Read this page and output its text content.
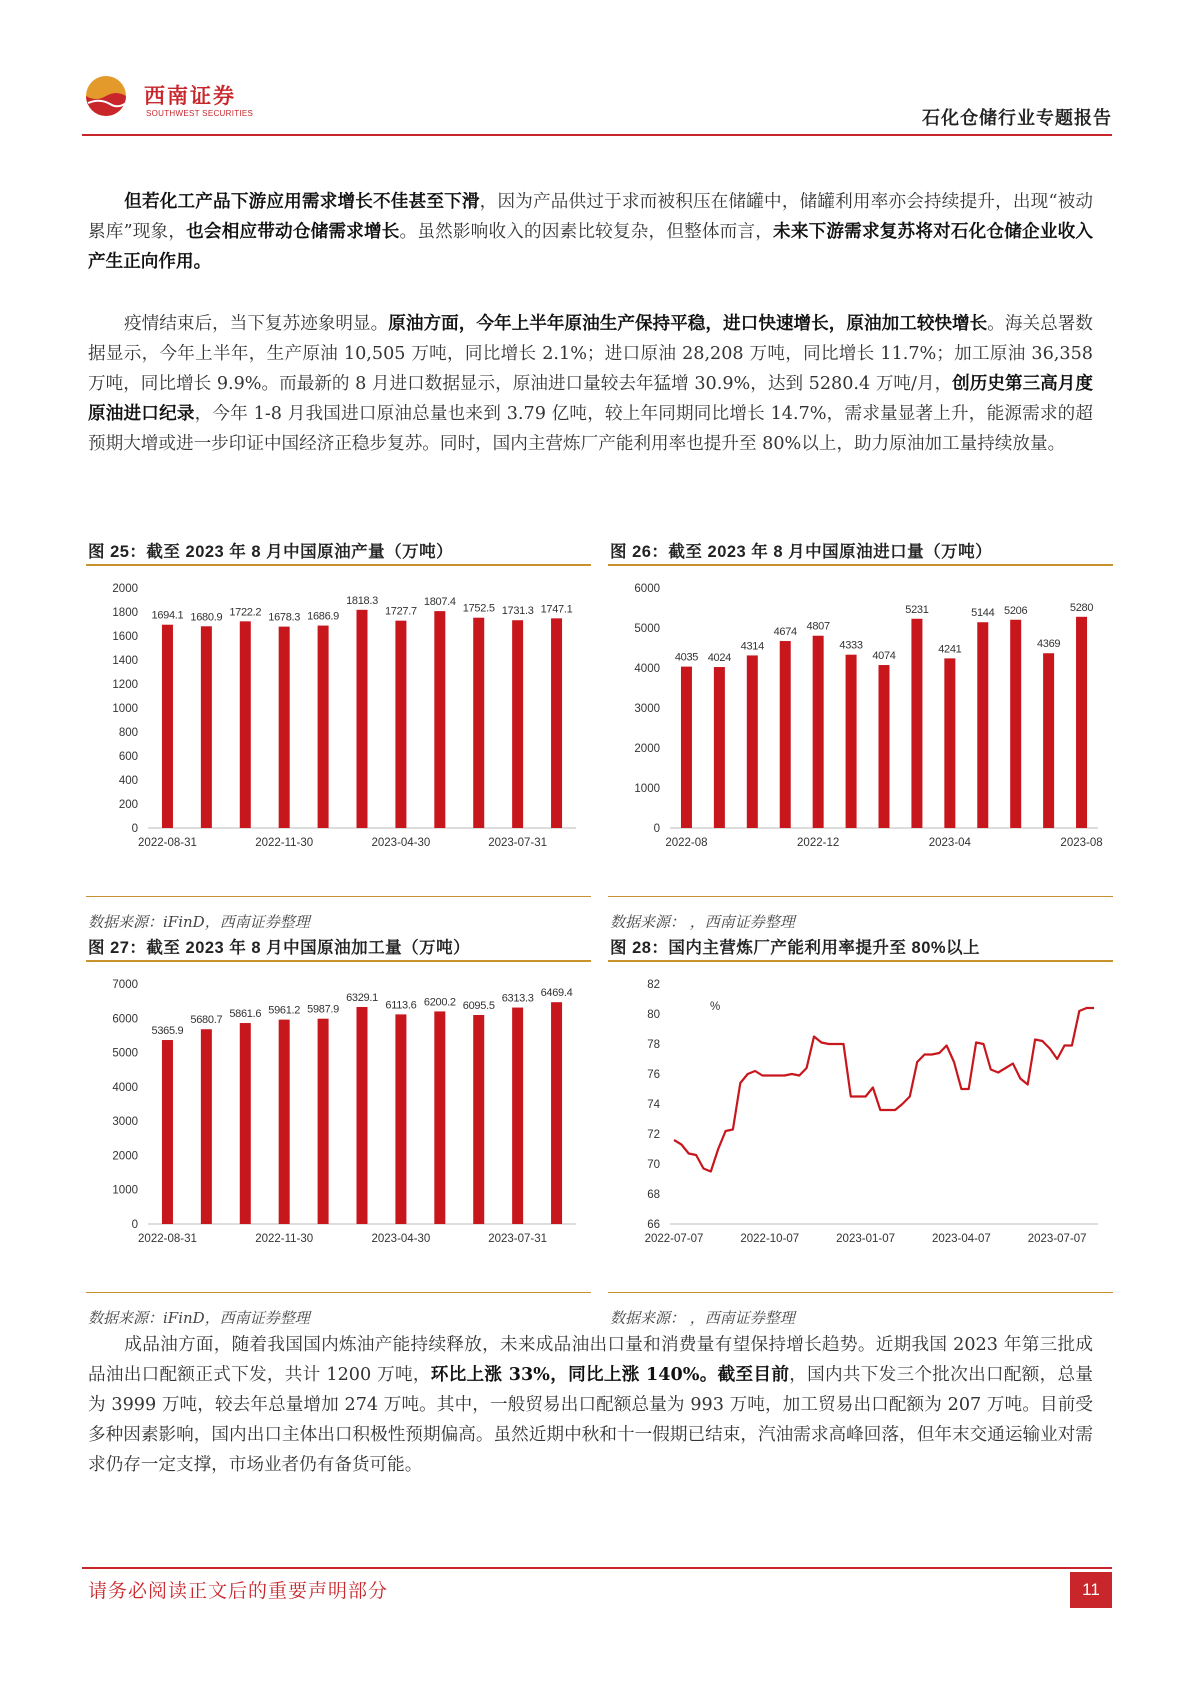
西南证券
SOUTHWEST SECURITIES	石化仓储行业专题报告
但若化工产品下游应用需求增长不佳甚至下滑，因为产品供过于求而被积压在储罐中，储罐利用率亦会持续提升，出现“被动累库”现象，也会相应带动仓储需求增长。虽然影响收入的因素比较复杂，但整体而言，未来下游需求复苏将对石化仓储企业收入产生正向作用。
疫情结束后，当下复苏迹象明显。原油方面，今年上半年原油生产保持平稳，进口快速增长，原油加工较快增长。海关总署数据显示，今年上半年，生产原油 10,505 万吨，同比增长 2.1%；进口原油 28,208 万吨，同比增长 11.7%；加工原油 36,358 万吨，同比增长 9.9%。而最新的 8 月进口数据显示，原油进口量较去年猛增 30.9%，达到 5280.4 万吨/月，创历史第三高月度原油进口纪录，今年 1-8 月我国进口原油总量也来到 3.79 亿吨，较上年同期同比增长 14.7%，需求量显著上升，能源需求的超预期大增或进一步印证中国经济正稳步复苏。同时，国内主营炼厂产能利用率也提升至 80%以上，助力原油加工量持续放量。
图 25：截至 2023 年 8 月中国原油产量（万吨）
0
200
400
600
800
1000
1200
1400
1600
1800
2000
1694.1 1680.9 1722.2 1678.3 1686.9
1818.3
1727.7
1807.4
1752.5 1731.3 1747.1
2022-08-31	2022-11-30	2023-04-30	2023-07-31
数据来源：iFinD，西南证券整理
图 26：截至 2023 年 8 月中国原油进口量（万吨）
0
1000
2000
3000
4000
5000
6000
4035 4024
4314
4674 4807
4333
4074
5231
4241
5144 5206
4369
5280
2022-08	2022-12	2023-04	2023-08
数据来源： ，西南证券整理
图 27：截至 2023 年 8 月中国原油加工量（万吨）
0
1000
2000
3000
4000
5000
6000
7000
5365.9
5680.7
5861.6 5961.2 5987.9
6329.1
6113.6 6200.2 6095.5
6313.3 6469.4
2022-08-31	2022-11-30	2023-04-30	2023-07-31
数据来源：iFinD，西南证券整理
图 28：国内主营炼厂产能利用率提升至 80%以上
66
68
70
72
74
76
78
80
82
%
2022-07-07	2022-10-07	2023-01-07	2023-04-07	2023-07-07
数据来源： ，西南证券整理
成品油方面，随着我国国内炼油产能持续释放，未来成品油出口量和消费量有望保持增长趋势。近期我国 2023 年第三批成品油出口配额正式下发，共计 1200 万吨，环比上涨 33%，同比上涨 140%。截至目前，国内共下发三个批次出口配额，总量为 3999 万吨，较去年总量增加 274 万吨。其中，一般贸易出口配额总量为 993 万吨，加工贸易出口配额为 207 万吨。目前受多种因素影响，国内出口主体出口积极性预期偏高。虽然近期中秋和十一假期已结束，汽油需求高峰回落，但年末交通运输业对需求仍存一定支撑，市场业者仍有备货可能。
请务必阅读正文后的重要声明部分	11
